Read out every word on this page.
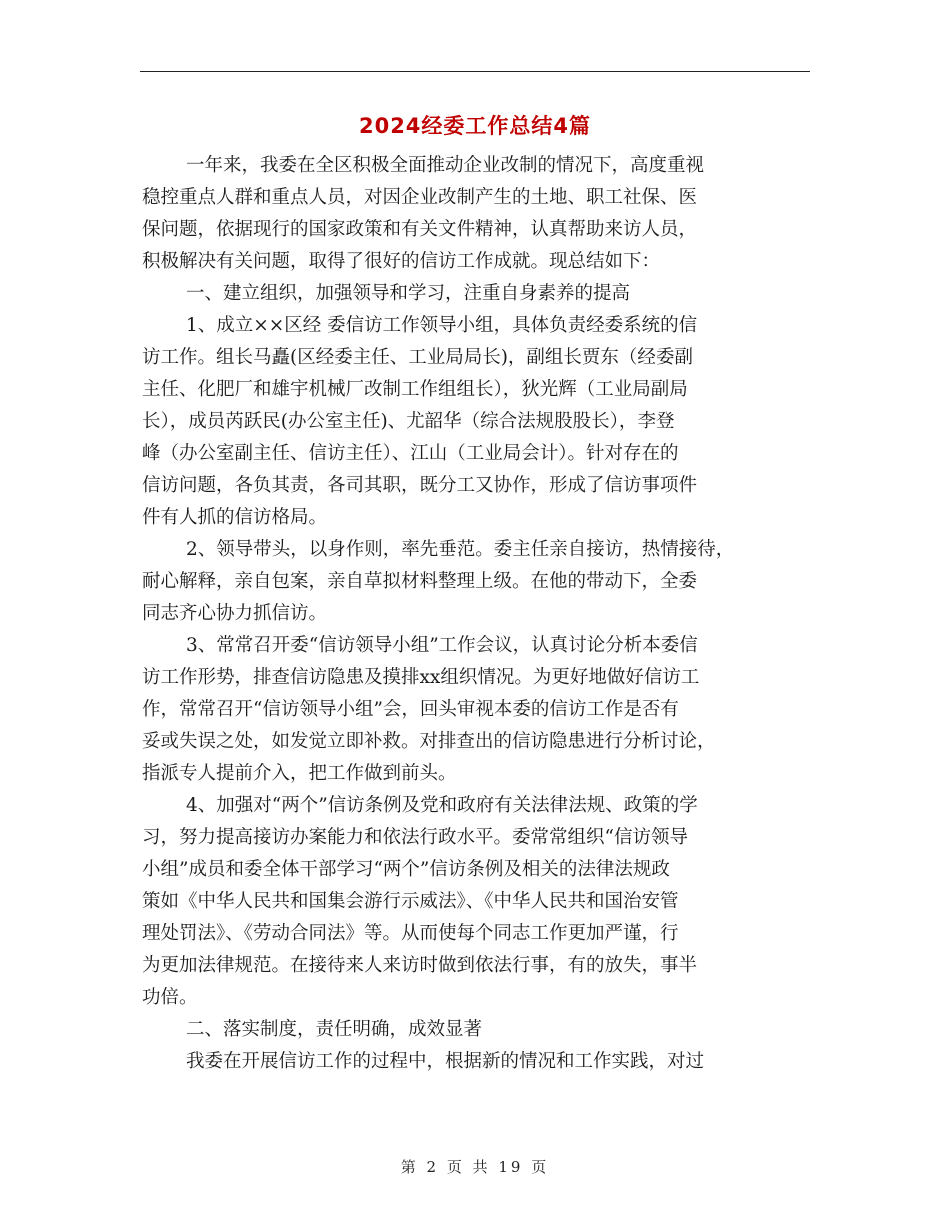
2024经委工作总结4篇
一年来，我委在全区积极全面推动企业改制的情况下，高度重视
稳控重点人群和重点人员，对因企业改制产生的土地、职工社保、医
保问题，依据现行的国家政策和有关文件精神，认真帮助来访人员，
积极解决有关问题，取得了很好的信访工作成就。现总结如下：
一、建立组织，加强领导和学习，注重自身素养的提高
1、成立××区经 委信访工作领导小组，具体负责经委系统的信
访工作。组长马矗(区经委主任、工业局局长)，副组长贾东（经委副
主任、化肥厂和雄宇机械厂改制工作组组长），狄光辉（工业局副局
长），成员芮跃民(办公室主任)、尤韶华（综合法规股股长），李登
峰（办公室副主任、信访主任）、江山（工业局会计）。针对存在的
信访问题，各负其责，各司其职，既分工又协作，形成了信访事项件
件有人抓的信访格局。
2、领导带头，以身作则，率先垂范。委主任亲自接访，热情接待，
耐心解释，亲自包案，亲自草拟材料整理上级。在他的带动下，全委
同志齐心协力抓信访。
3、常常召开委“信访领导小组”工作会议，认真讨论分析本委信
访工作形势，排查信访隐患及摸排xx组织情况。为更好地做好信访工
作，常常召开“信访领导小组”会，回头审视本委的信访工作是否有
妥或失误之处，如发觉立即补救。对排查出的信访隐患进行分析讨论，
指派专人提前介入，把工作做到前头。
4、加强对“两个”信访条例及党和政府有关法律法规、政策的学
习，努力提高接访办案能力和依法行政水平。委常常组织“信访领导
小组”成员和委全体干部学习“两个”信访条例及相关的法律法规政
策如《中华人民共和国集会游行示威法》、《中华人民共和国治安管
理处罚法》、《劳动合同法》等。从而使每个同志工作更加严谨，行
为更加法律规范。在接待来人来访时做到依法行事，有的放失，事半
功倍。
二、落实制度，责任明确，成效显著
我委在开展信访工作的过程中，根据新的情况和工作实践，对过
第 2 页 共 19 页
